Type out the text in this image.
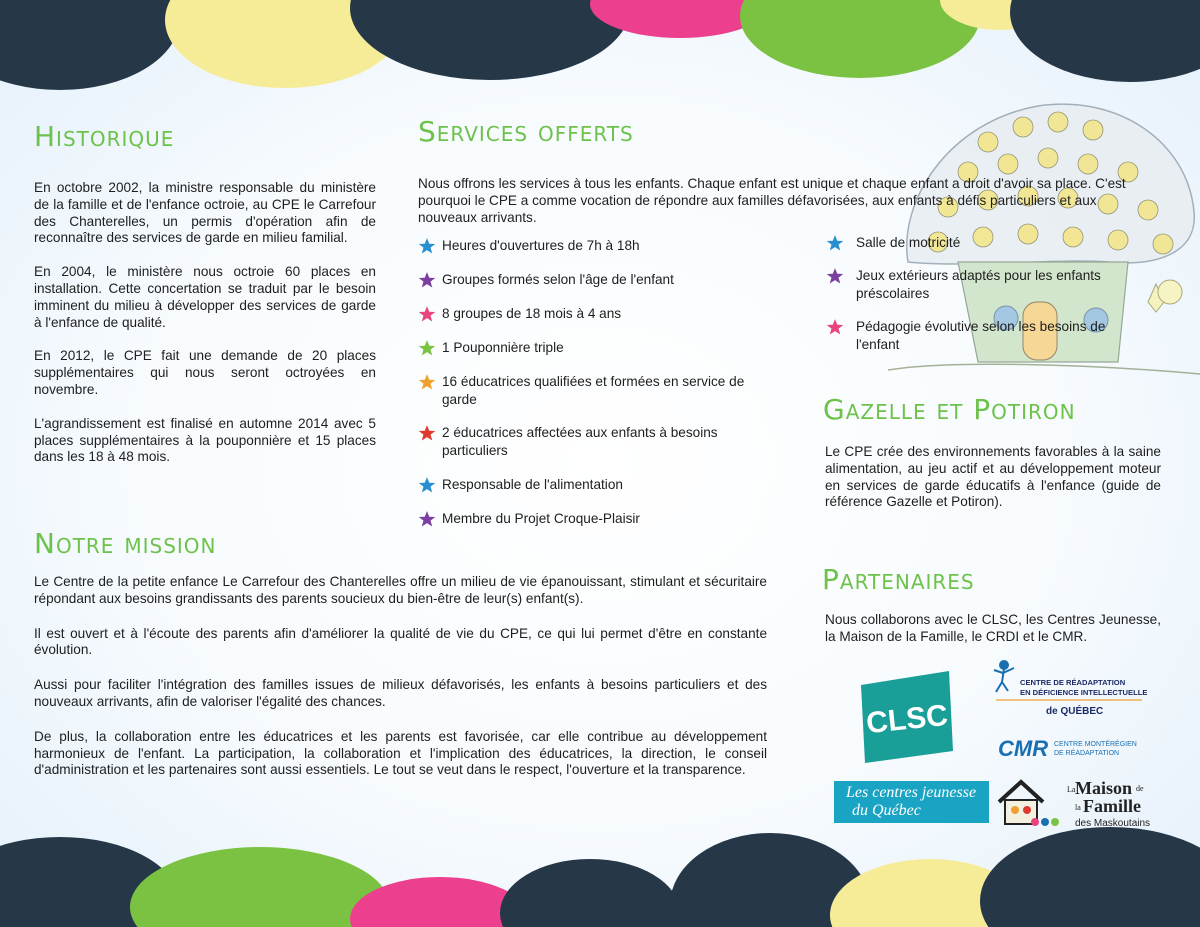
Historique

En octobre 2002, la ministre responsable du ministère de la famille et de l'enfance octroie, au CPE le Carrefour des Chanterelles, un permis d'opération afin de reconnaître des services de garde en milieu familial.

En 2004, le ministère nous octroie 60 places en installation. Cette concertation se traduit par le besoin imminent du milieu à développer des services de garde à l'enfance de qualité.

En 2012, le CPE fait une demande de 20 places supplémentaires qui nous seront octroyées en novembre.

L'agrandissement est finalisé en automne 2014 avec 5 places supplémentaires à la pouponnière et 15 places dans les 18 à 48 mois.

Services offerts

Nous offrons les services à tous les enfants. Chaque enfant est unique et chaque enfant a droit d'avoir sa place. C'est pourquoi le CPE a comme vocation de répondre aux familles défavorisées, aux enfants à défis particuliers et aux nouveaux arrivants.

Heures d'ouvertures de 7h à 18h
Groupes formés selon l'âge de l'enfant
8 groupes de 18 mois à 4 ans
1 Pouponnière triple
16 éducatrices qualifiées et formées en service de garde
2 éducatrices affectées aux enfants à besoins particuliers
Responsable de l'alimentation
Membre du Projet Croque-Plaisir
Salle de motricité
Jeux extérieurs adaptés pour les enfants préscolaires
Pédagogie évolutive selon les besoins de l'enfant
Gazelle et Potiron

Le CPE crée des environnements favorables à la saine alimentation, au jeu actif et au développement moteur en services de garde éducatifs à l'enfance (guide de référence Gazelle et Potiron).

Partenaires

Nous collaborons avec le CLSC, les Centres Jeunesse, la Maison de la Famille, le CRDI et le CMR.

Notre mission

Le Centre de la petite enfance Le Carrefour des Chanterelles offre un milieu de vie épanouissant, stimulant et sécuritaire répondant aux besoins grandissants des parents soucieux du bien-être de leur(s) enfant(s).

Il est ouvert et à l'écoute des parents afin d'améliorer la qualité de vie du CPE, ce qui lui permet d'être en constante évolution.

Aussi pour faciliter l'intégration des familles issues de milieux défavorisés, les enfants à besoins particuliers et des nouveaux arrivants, afin de valoriser l'égalité des chances.

De plus, la collaboration entre les éducatrices et les parents est favorisée, car elle contribue au développement harmonieux de l'enfant. La participation, la collaboration et l'implication des éducatrices, la direction, le conseil d'administration et les partenaires sont aussi essentiels. Le tout se veut dans le respect, l'ouverture et la transparence.

CLSC
CENTRE DE RÉADAPTATION
EN DÉFICIENCE INTELLECTUELLE
de QUÉBEC
CMR CENTRE MONTÉRÉGIEN
DE RÉADAPTATION
Les centres jeunesse
du Québec
La Maison de
la Famille
des Maskoutains
